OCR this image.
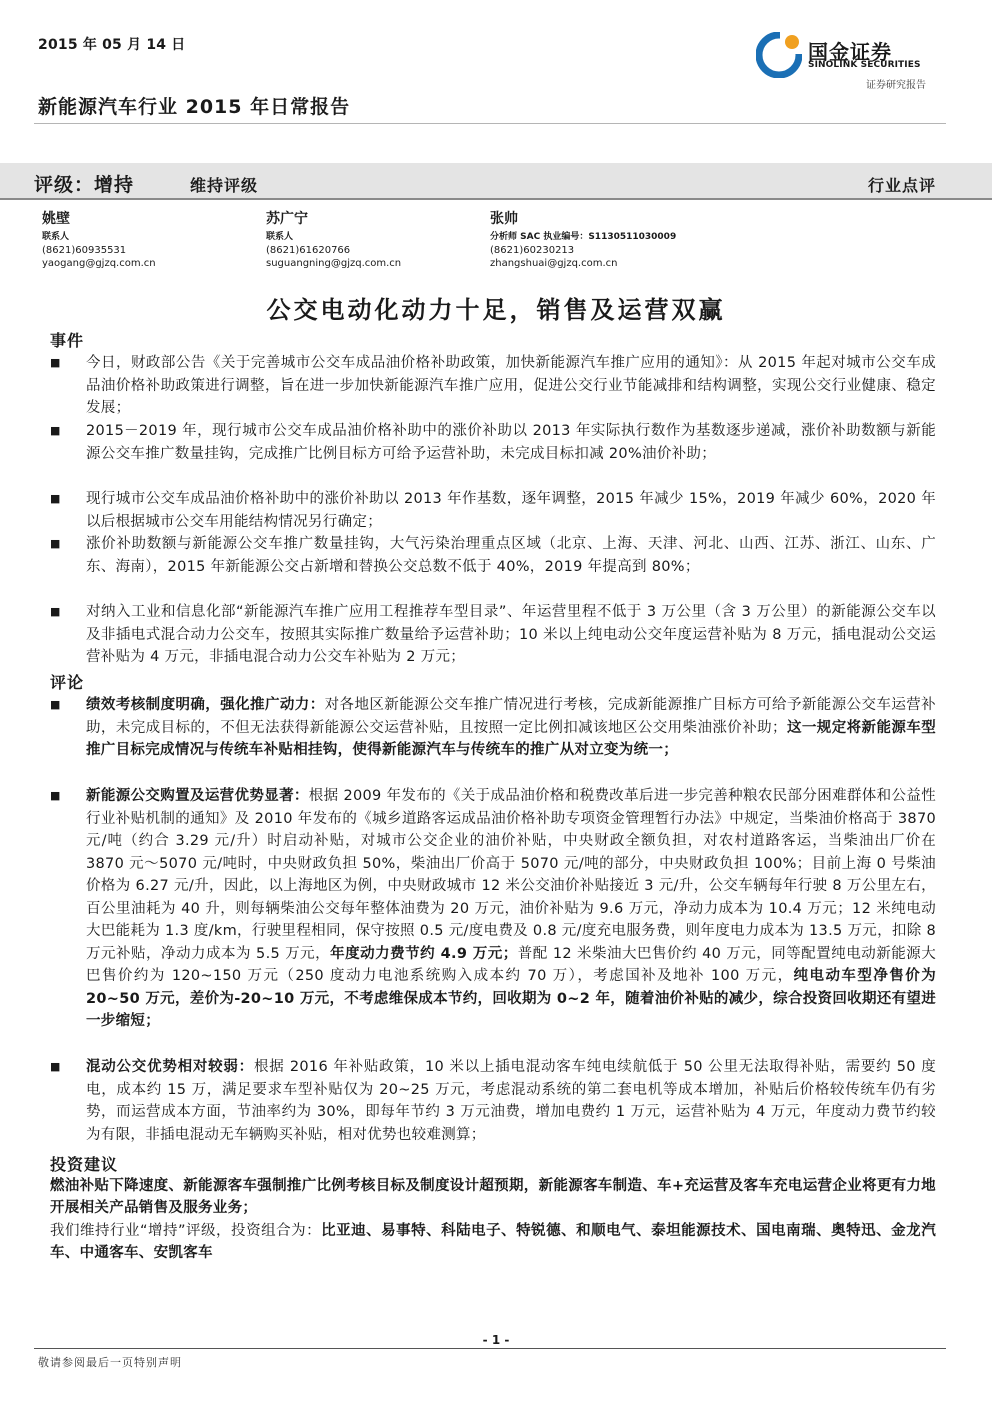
2015 年 05 月 14 日
新能源汽车行业 2015 年日常报告
国金证券
SINOLINK SECURITIES
证券研究报告
评级：增持	维持评级	行业点评
姚壁
联系人
(8621)60935531
yaogang@gjzq.com.cn
苏广宁
联系人
(8621)61620766
suguangning@gjzq.com.cn
张帅
分析师 SAC 执业编号：S1130511030009
(8621)60230213
zhangshuai@gjzq.com.cn
公交电动化动力十足，销售及运营双赢
事件
■	今日，财政部公告《关于完善城市公交车成品油价格补助政策，加快新能源汽车推广应用的通知》：从 2015 年起对城市公交车成品油价格补助政策进行调整，旨在进一步加快新能源汽车推广应用，促进公交行业节能减排和结构调整，实现公交行业健康、稳定发展；
■	2015－2019 年，现行城市公交车成品油价格补助中的涨价补助以 2013 年实际执行数作为基数逐步递减，涨价补助数额与新能源公交车推广数量挂钩，完成推广比例目标方可给予运营补助，未完成目标扣减 20%油价补助；
■	现行城市公交车成品油价格补助中的涨价补助以 2013 年作基数，逐年调整，2015 年减少 15%，2019 年减少 60%，2020 年以后根据城市公交车用能结构情况另行确定；
■	涨价补助数额与新能源公交车推广数量挂钩，大气污染治理重点区域（北京、上海、天津、河北、山西、江苏、浙江、山东、广东、海南），2015 年新能源公交占新增和替换公交总数不低于 40%，2019 年提高到 80%；
■	对纳入工业和信息化部“新能源汽车推广应用工程推荐车型目录”、年运营里程不低于 3 万公里（含 3 万公里）的新能源公交车以及非插电式混合动力公交车，按照其实际推广数量给予运营补助；10 米以上纯电动公交年度运营补贴为 8 万元，插电混动公交运营补贴为 4 万元，非插电混合动力公交车补贴为 2 万元；
评论
■	绩效考核制度明确，强化推广动力：对各地区新能源公交车推广情况进行考核，完成新能源推广目标方可给予新能源公交车运营补助，未完成目标的，不但无法获得新能源公交运营补贴，且按照一定比例扣减该地区公交用柴油涨价补助；这一规定将新能源车型推广目标完成情况与传统车补贴相挂钩，使得新能源汽车与传统车的推广从对立变为统一；
■	新能源公交购置及运营优势显著：根据 2009 年发布的《关于成品油价格和税费改革后进一步完善种粮农民部分困难群体和公益性行业补贴机制的通知》及 2010 年发布的《城乡道路客运成品油价格补助专项资金管理暂行办法》中规定，当柴油价格高于 3870 元/吨（约合 3.29 元/升）时启动补贴，对城市公交企业的油价补贴，中央财政全额负担，对农村道路客运，当柴油出厂价在 3870 元～5070 元/吨时，中央财政负担 50%，柴油出厂价高于 5070 元/吨的部分，中央财政负担 100%；目前上海 0 号柴油价格为 6.27 元/升，因此，以上海地区为例，中央财政城市 12 米公交油价补贴接近 3 元/升，公交车辆每年行驶 8 万公里左右，百公里油耗为 40 升，则每辆柴油公交每年整体油费为 20 万元，油价补贴为 9.6 万元，净动力成本为 10.4 万元；12 米纯电动大巴能耗为 1.3 度/km，行驶里程相同，保守按照 0.5 元/度电费及 0.8 元/度充电服务费，则年度电力成本为 13.5 万元，扣除 8 万元补贴，净动力成本为 5.5 万元，年度动力费节约 4.9 万元；普配 12 米柴油大巴售价约 40 万元，同等配置纯电动新能源大巴售价约为 120~150 万元（250 度动力电池系统购入成本约 70 万），考虑国补及地补 100 万元，纯电动车型净售价为 20~50 万元，差价为-20~10 万元，不考虑维保成本节约，回收期为 0~2 年，随着油价补贴的减少，综合投资回收期还有望进一步缩短；
■	混动公交优势相对较弱：根据 2016 年补贴政策，10 米以上插电混动客车纯电续航低于 50 公里无法取得补贴，需要约 50 度电，成本约 15 万，满足要求车型补贴仅为 20~25 万元，考虑混动系统的第二套电机等成本增加，补贴后价格较传统车仍有劣势，而运营成本方面，节油率约为 30%，即每年节约 3 万元油费，增加电费约 1 万元，运营补贴为 4 万元，年度动力费节约较为有限，非插电混动无车辆购买补贴，相对优势也较难测算；
投资建议
燃油补贴下降速度、新能源客车强制推广比例考核目标及制度设计超预期，新能源客车制造、车+充运营及客车充电运营企业将更有力地开展相关产品销售及服务业务；
我们维持行业“增持”评级，投资组合为：比亚迪、易事特、科陆电子、特锐德、和顺电气、泰坦能源技术、国电南瑞、奥特迅、金龙汽车、中通客车、安凯客车
- 1 -
敬请参阅最后一页特别声明
